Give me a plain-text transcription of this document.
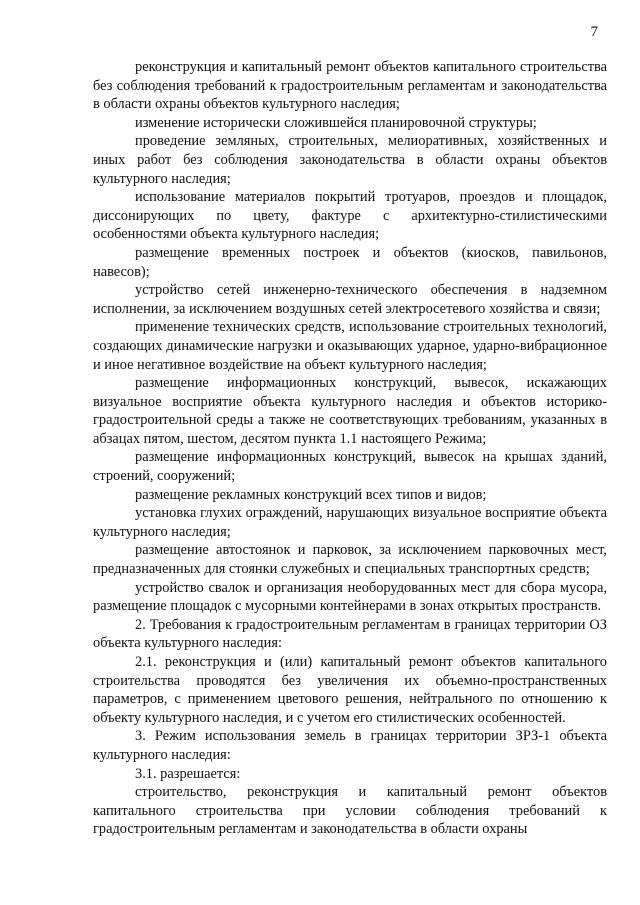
7

реконструкция и капитальный ремонт объектов капитального строительства без соблюдения требований к градостроительным регламентам и законодательства в области охраны объектов культурного наследия;

изменение исторически сложившейся планировочной структуры;

проведение земляных, строительных, мелиоративных, хозяйственных и иных работ без соблюдения законодательства в области охраны объектов культурного наследия;

использование материалов покрытий тротуаров, проездов и площадок, диссонирующих по цвету, фактуре с архитектурно-стилистическими особенностями объекта культурного наследия;

размещение временных построек и объектов (киосков, павильонов, навесов);

устройство сетей инженерно-технического обеспечения в надземном исполнении, за исключением воздушных сетей электросетевого хозяйства и связи;

применение технических средств, использование строительных технологий, создающих динамические нагрузки и оказывающих ударное, ударно-вибрационное и иное негативное воздействие на объект культурного наследия;

размещение информационных конструкций, вывесок, искажающих визуальное восприятие объекта культурного наследия и объектов историко-градостроительной среды а также не соответствующих требованиям, указанных в абзацах пятом, шестом, десятом пункта 1.1 настоящего Режима;

размещение информационных конструкций, вывесок на крышах зданий, строений, сооружений;

размещение рекламных конструкций всех типов и видов;

установка глухих ограждений, нарушающих визуальное восприятие объекта культурного наследия;

размещение автостоянок и парковок, за исключением парковочных мест, предназначенных для стоянки служебных и специальных транспортных средств;

устройство свалок и организация необорудованных мест для сбора мусора, размещение площадок с мусорными контейнерами в зонах открытых пространств.

2. Требования к градостроительным регламентам в границах территории ОЗ объекта культурного наследия:

2.1. реконструкция и (или) капитальный ремонт объектов капитального строительства проводятся без увеличения их объемно-пространственных параметров, с применением цветового решения, нейтрального по отношению к объекту культурного наследия, и с учетом его стилистических особенностей.

3. Режим использования земель в границах территории ЗРЗ-1 объекта культурного наследия:

3.1. разрешается:

строительство, реконструкция и капитальный ремонт объектов капитального строительства при условии соблюдения требований к градостроительным регламентам и законодательства в области охраны
